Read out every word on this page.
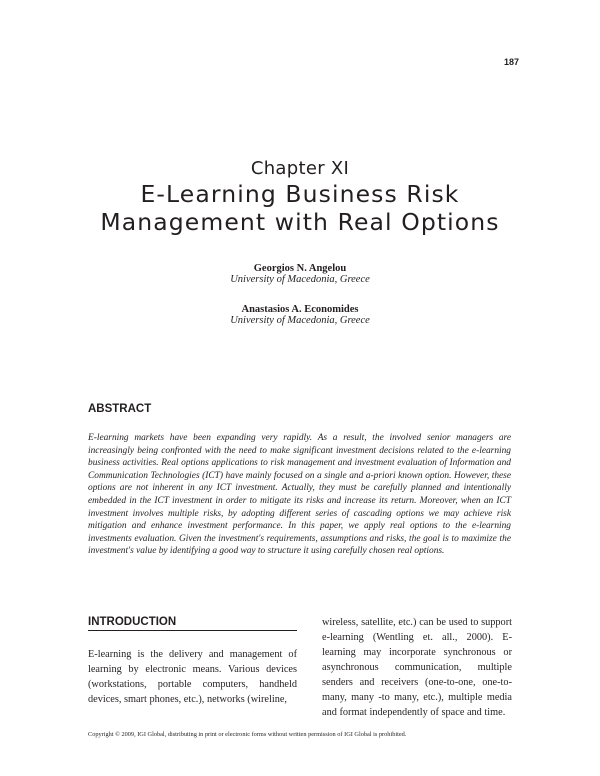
187
Chapter XI
E-Learning Business Risk Management with Real Options
Georgios N. Angelou
University of Macedonia, Greece
Anastasios A. Economides
University of Macedonia, Greece
ABSTRACT
E-learning markets have been expanding very rapidly. As a result, the involved senior managers are increasingly being confronted with the need to make significant investment decisions related to the e-learning business activities. Real options applications to risk management and investment evaluation of Information and Communication Technologies (ICT) have mainly focused on a single and a-priori known option. However, these options are not inherent in any ICT investment. Actually, they must be carefully planned and intentionally embedded in the ICT investment in order to mitigate its risks and increase its return. Moreover, when an ICT investment involves multiple risks, by adopting different series of cascading options we may achieve risk mitigation and enhance investment performance. In this paper, we apply real options to the e-learning investments evaluation. Given the investment's requirements, assumptions and risks, the goal is to maximize the investment's value by identifying a good way to structure it using carefully chosen real options.
INTRODUCTION
E-learning is the delivery and management of learning by electronic means. Various devices (workstations, portable computers, handheld devices, smart phones, etc.), networks (wireline,
wireless, satellite, etc.) can be used to support e-learning (Wentling et. all., 2000). E-learning may incorporate synchronous or asynchronous communication, multiple senders and receivers (one-to-one, one-to-many, many -to many, etc.), multiple media and format independently of space and time.
Copyright © 2009, IGI Global, distributing in print or electronic forms without written permission of IGI Global is prohibited.
